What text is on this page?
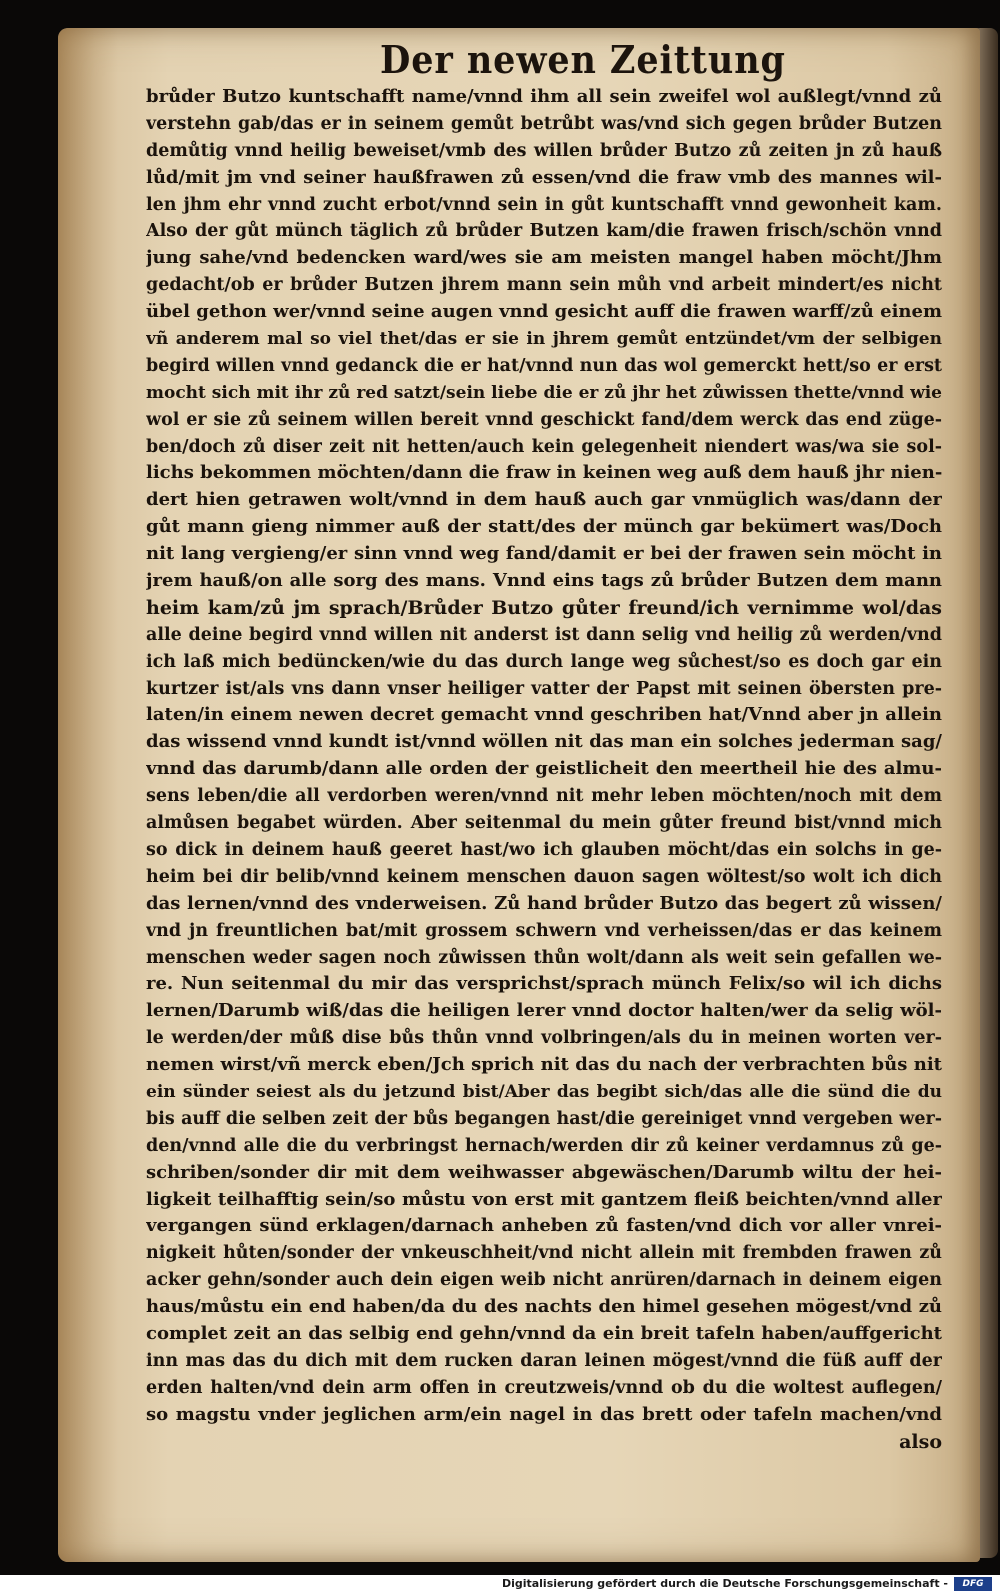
Der newen Zeittung
brůder Butzo kuntschafft name/vnnd ihm all sein zweifel wol außlegt/vnnd zů
verstehn gab/das er in seinem gemůt betrůbt was/vnd sich gegen brůder Butzen
demůtig vnnd heilig beweiset/vmb des willen brůder Butzo zů zeiten jn zů hauß
lůd/mit jm vnd seiner haußfrawen zů essen/vnd die fraw vmb des mannes wil-
len jhm ehr vnnd zucht erbot/vnnd sein in gůt kuntschafft vnnd gewonheit kam.
Also der gůt münch täglich zů brůder Butzen kam/die frawen frisch/schön vnnd
jung sahe/vnd bedencken ward/wes sie am meisten mangel haben möcht/Jhm
gedacht/ob er brůder Butzen jhrem mann sein můh vnd arbeit mindert/es nicht
übel gethon wer/vnnd seine augen vnnd gesicht auff die frawen warff/zů einem
vñ anderem mal so viel thet/das er sie in jhrem gemůt entzündet/vm der selbigen
begird willen vnnd gedanck die er hat/vnnd nun das wol gemerckt hett/so er erst
mocht sich mit ihr zů red satzt/sein liebe die er zů jhr het zůwissen thette/vnnd wie
wol er sie zů seinem willen bereit vnnd geschickt fand/dem werck das end züge-
ben/doch zů diser zeit nit hetten/auch kein gelegenheit niendert was/wa sie sol-
lichs bekommen möchten/dann die fraw in keinen weg auß dem hauß jhr nien-
dert hien getrawen wolt/vnnd in dem hauß auch gar vnmüglich was/dann der
gůt mann gieng nimmer auß der statt/des der münch gar bekümert was/Doch
nit lang vergieng/er sinn vnnd weg fand/damit er bei der frawen sein möcht in
jrem hauß/on alle sorg des mans. Vnnd eins tags zů brůder Butzen dem mann
heim kam/zů jm sprach/Brůder Butzo gůter freund/ich vernimme wol/das
alle deine begird vnnd willen nit anderst ist dann selig vnd heilig zů werden/vnd
ich laß mich bedüncken/wie du das durch lange weg sůchest/so es doch gar ein
kurtzer ist/als vns dann vnser heiliger vatter der Papst mit seinen öbersten pre-
laten/in einem newen decret gemacht vnnd geschriben hat/Vnnd aber jn allein
das wissend vnnd kundt ist/vnnd wöllen nit das man ein solches jederman sag/
vnnd das darumb/dann alle orden der geistlicheit den meertheil hie des almu-
sens leben/die all verdorben weren/vnnd nit mehr leben möchten/noch mit dem
almůsen begabet würden. Aber seitenmal du mein gůter freund bist/vnnd mich
so dick in deinem hauß geeret hast/wo ich glauben möcht/das ein solchs in ge-
heim bei dir belib/vnnd keinem menschen dauon sagen wöltest/so wolt ich dich
das lernen/vnnd des vnderweisen. Zů hand brůder Butzo das begert zů wissen/
vnd jn freuntlichen bat/mit grossem schwern vnd verheissen/das er das keinem
menschen weder sagen noch zůwissen thůn wolt/dann als weit sein gefallen we-
re. Nun seitenmal du mir das versprichst/sprach münch Felix/so wil ich dichs
lernen/Darumb wiß/das die heiligen lerer vnnd doctor halten/wer da selig wöl-
le werden/der můß dise bůs thůn vnnd volbringen/als du in meinen worten ver-
nemen wirst/vñ merck eben/Jch sprich nit das du nach der verbrachten bůs nit
ein sünder seiest als du jetzund bist/Aber das begibt sich/das alle die sünd die du
bis auff die selben zeit der bůs begangen hast/die gereiniget vnnd vergeben wer-
den/vnnd alle die du verbringst hernach/werden dir zů keiner verdamnus zů ge-
schriben/sonder dir mit dem weihwasser abgewäschen/Darumb wiltu der hei-
ligkeit teilhafftig sein/so můstu von erst mit gantzem fleiß beichten/vnnd aller
vergangen sünd erklagen/darnach anheben zů fasten/vnd dich vor aller vnrei-
nigkeit hůten/sonder der vnkeuschheit/vnd nicht allein mit frembden frawen zů
acker gehn/sonder auch dein eigen weib nicht anrüren/darnach in deinem eigen
haus/můstu ein end haben/da du des nachts den himel gesehen mögest/vnd zů
complet zeit an das selbig end gehn/vnnd da ein breit tafeln haben/auffgericht
inn mas das du dich mit dem rucken daran leinen mögest/vnnd die füß auff der
erden halten/vnd dein arm offen in creutzweis/vnnd ob du die woltest auflegen/
so magstu vnder jeglichen arm/ein nagel in das brett oder tafeln machen/vnd
also
Digitalisierung gefördert durch die Deutsche Forschungsgemeinschaft -	DFG
